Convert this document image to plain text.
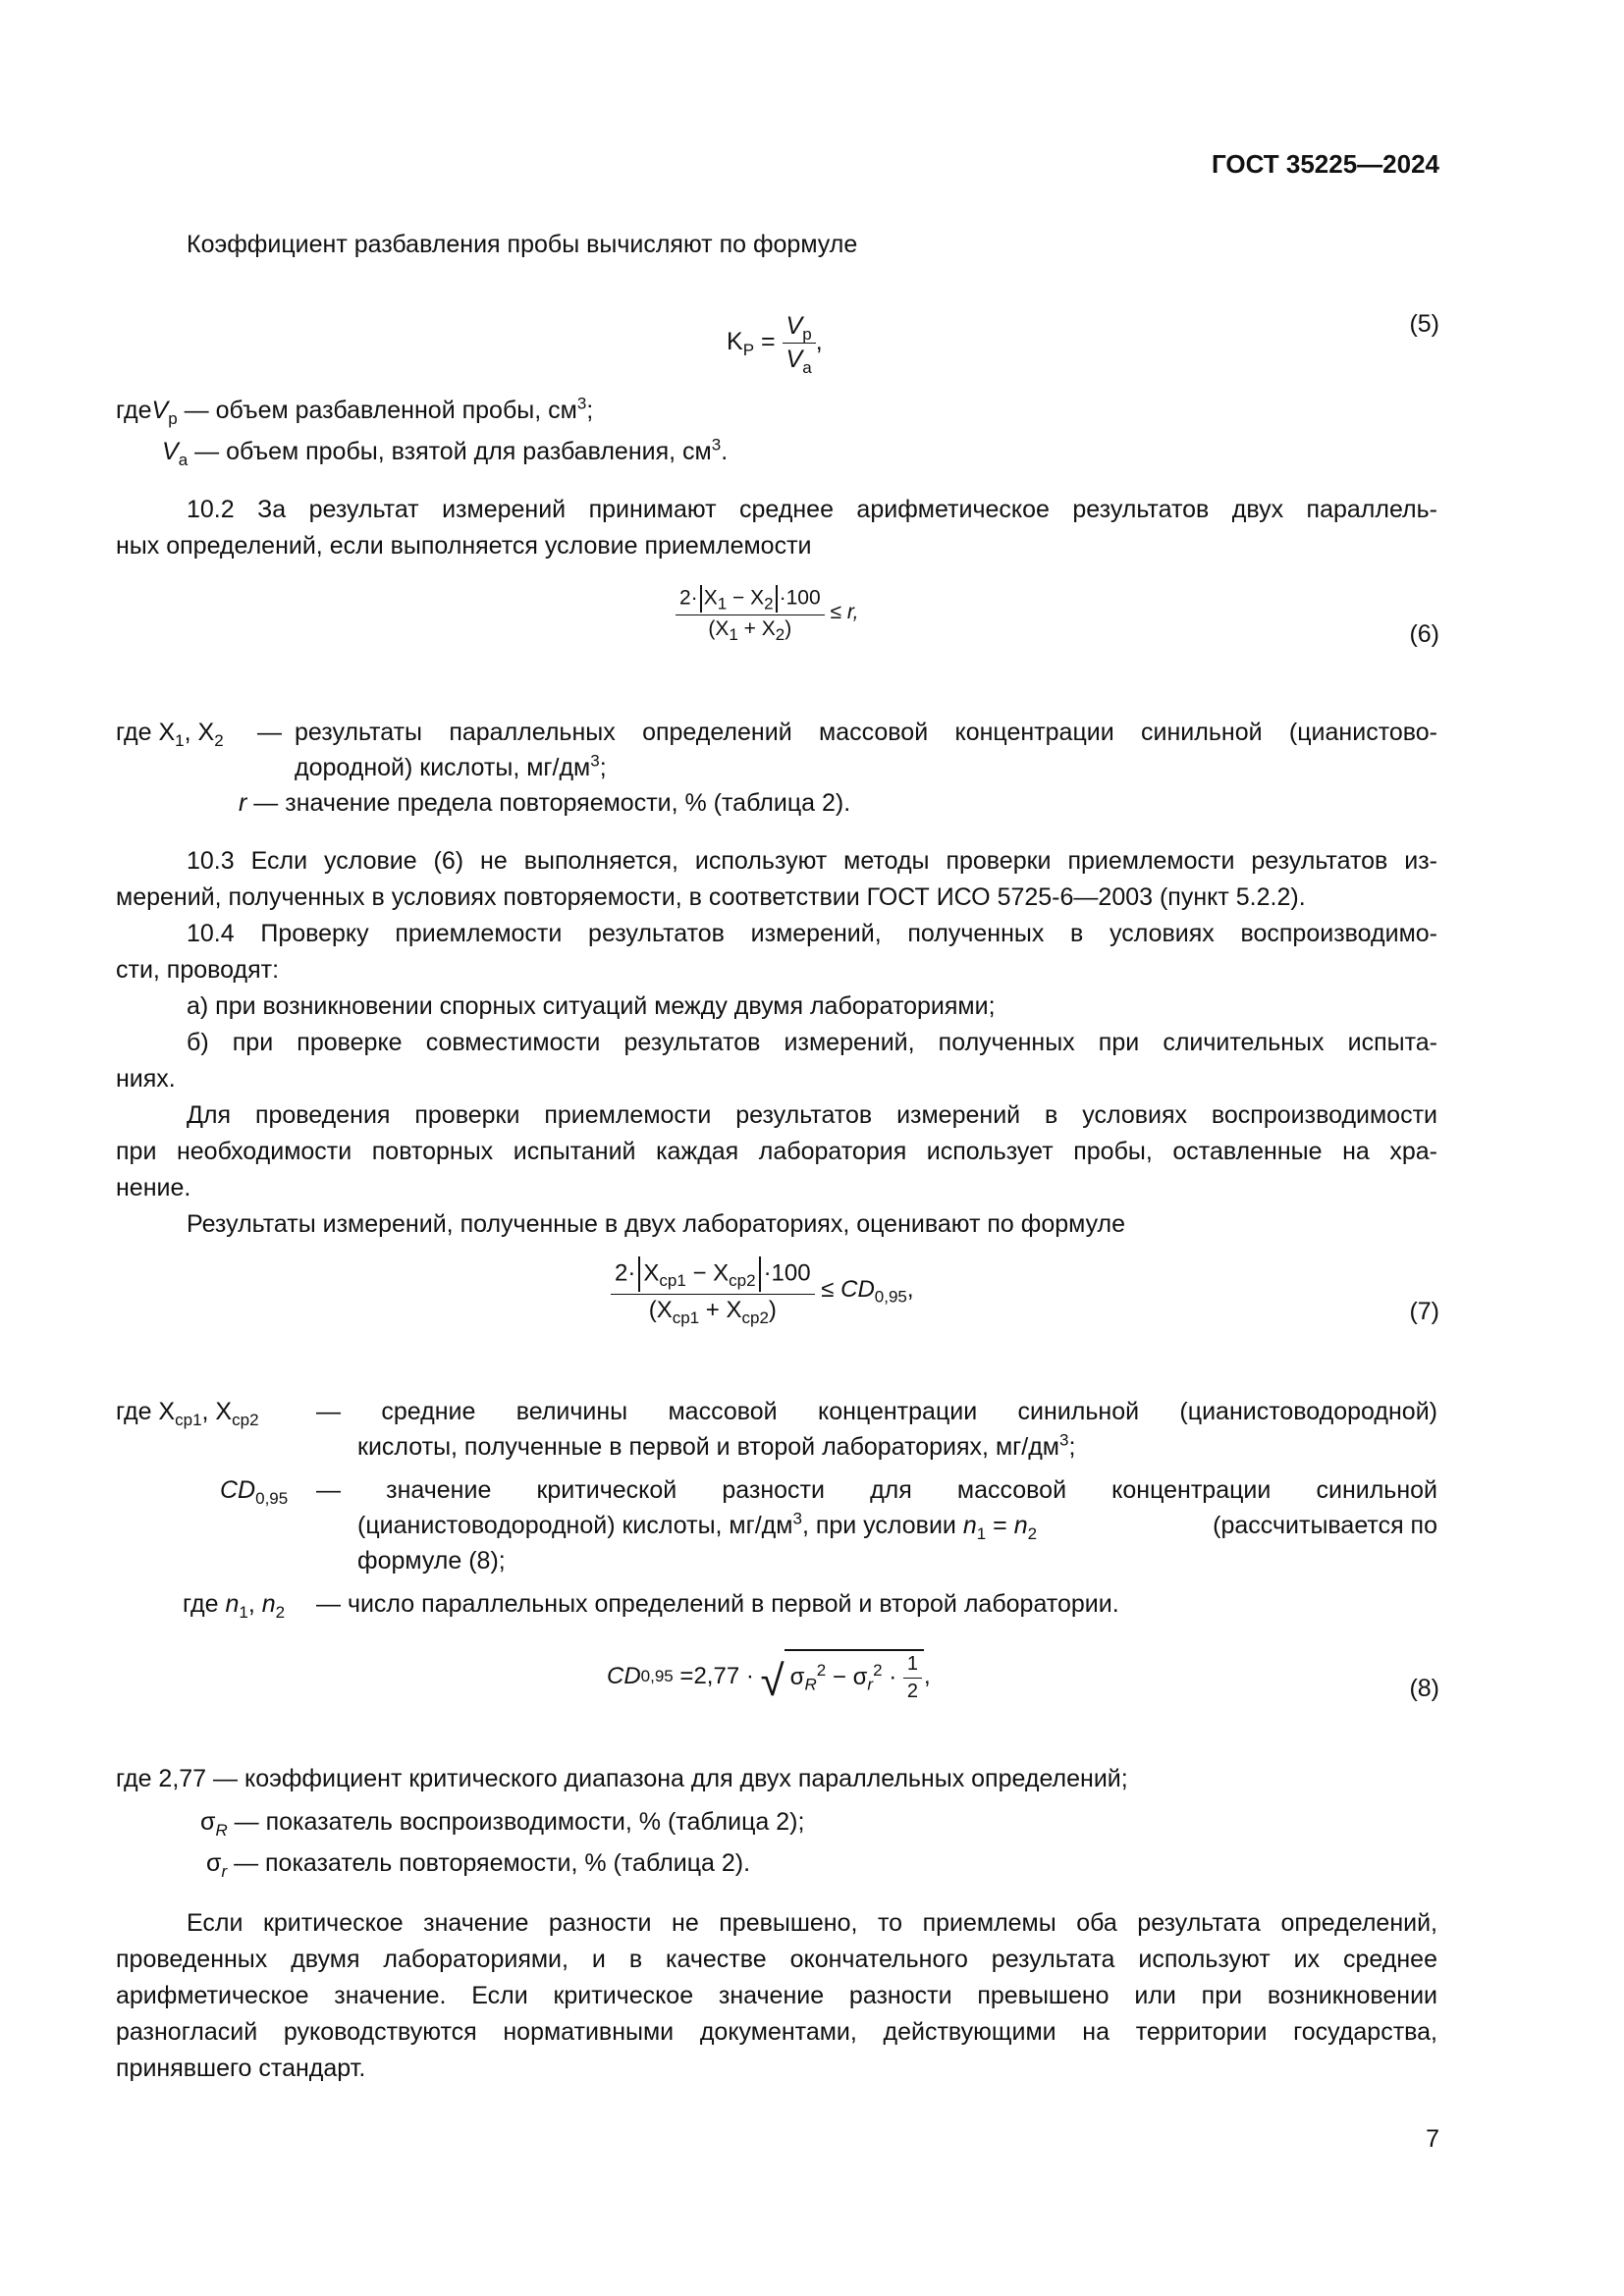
ГОСТ 35225—2024
Коэффициент разбавления пробы вычисляют по формуле
$K_P = \frac{V_р}{V_а}$ ,
(5)
гдеV$_р$ — объем разбавленной пробы, $см^3$;
$V_а$ — объем пробы, взятой для разбавления, $см^3$.
10.2 За результат измерений принимают среднее арифметическое результатов двух параллель-
ных определений, если выполняется условие приемлемости
$\frac{2\cdot X_1 - X_2 \cdot 100}{(X_1 + X_2)} \le r$,
(6)
где $X_1$, $X_2$ — результаты параллельных определений массовой концентрации синильной (цианистово-
дородной) кислоты, $мг/дм^3$;
r — значение предела повторяемости, % (таблица 2).
10.3 Если условие (6) не выполняется, используют методы проверки приемлемости результатов из-
мерений, полученных в условиях повторяемости, в соответствии ГОСТ ИСО 5725-6—2003 (пункт 5.2.2).
10.4 Проверку приемлемости результатов измерений, полученных в условиях воспроизводимо-
сти, проводят:
а) при возникновении спорных ситуаций между двумя лабораториями;
б) при проверке совместимости результатов измерений, полученных при сличительных испыта-
ниях.
Для проведения проверки приемлемости результатов измерений в условиях воспроизводимости
при необходимости повторных испытаний каждая лаборатория использует пробы, оставленные на хра-
нение.
Результаты измерений, полученные в двух лабораториях, оценивают по формуле
$\frac{2\cdot X_{ср1} - X_{ср2} \cdot 100}{(X_{ср1} + X_{ср2})} \le CD_{0,95}$,
(7)
где $X_{ср1}$, $X_{ср2}$ — средние величины массовой концентрации синильной (цианистоводородной)
кислоты, полученные в первой и второй лабораториях, $мг/дм^3$;
$CD_{0,95}$ — значение критической разности для массовой концентрации синильной
(цианистоводородной) кислоты, $мг/дм^3$, при условии $n_1 = n_2$	(рассчитывается по
формуле (8);
где $n_1$, $n_2$ — число параллельных определений в первой и второй лаборатории.
CD 0,95 = 2,77 · √ $\sigma_R^2 - \sigma_r^2 \cdot \frac{1}{2}$ ,	(8)
где 2,77 — коэффициент критического диапазона для двух параллельных определений;
$\sigma_R$ — показатель воспроизводимости, % (таблица 2);
$\sigma_r$ — показатель повторяемости, % (таблица 2).
Если критическое значение разности не превышено, то приемлемы оба результата определений,
проведенных двумя лабораториями, и в качестве окончательного результата используют их среднее
арифметическое значение. Если критическое значение разности превышено или при возникновении
разногласий руководствуются нормативными документами, действующими на территории государства,
принявшего стандарт.
7
